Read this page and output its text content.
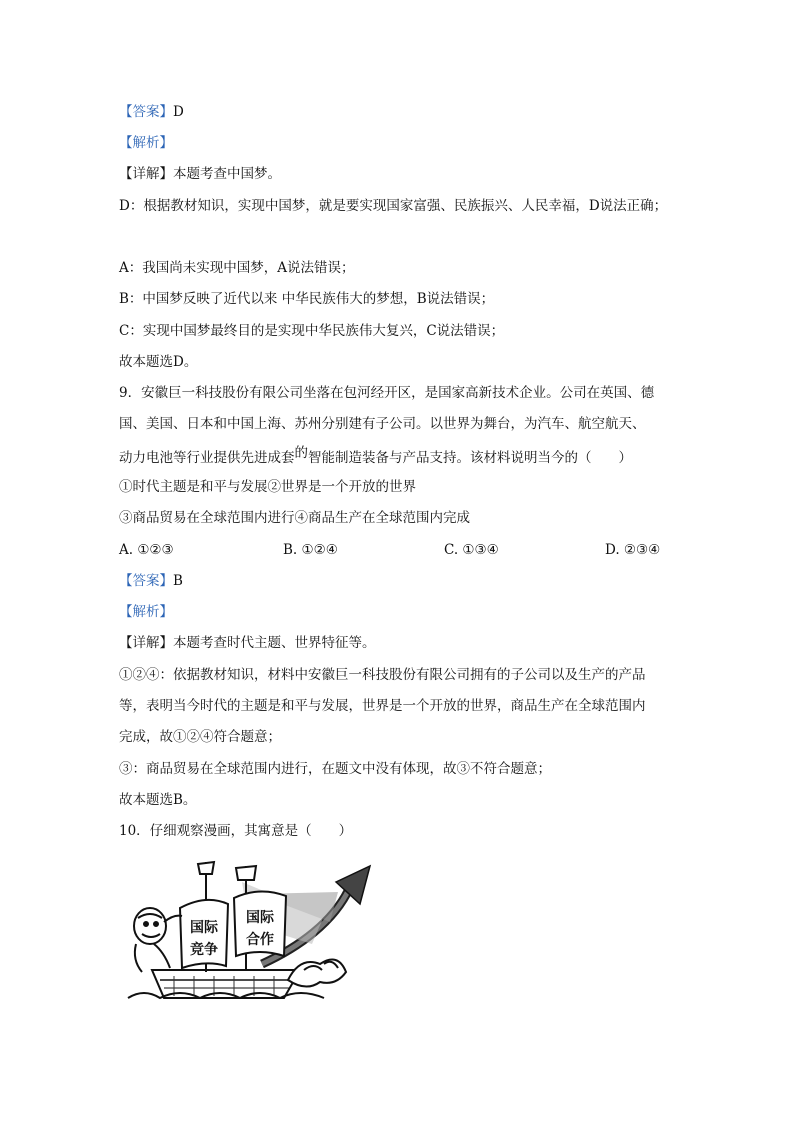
【答案】D
【解析】
【详解】本题考查中国梦。
D：根据教材知识，实现中国梦，就是要实现国家富强、民族振兴、人民幸福，D说法正确；
A：我国尚未实现中国梦，A说法错误；
B：中国梦反映了近代以来 中华民族伟大的梦想，B说法错误；
C：实现中国梦最终目的是实现中华民族伟大复兴，C说法错误；
故本题选D。
9．安徽巨一科技股份有限公司坐落在包河经开区，是国家高新技术企业。公司在英国、德
国、美国、日本和中国上海、苏州分别建有子公司。以世界为舞台，为汽车、航空航天、
动力电池等行业提供先进成套的智能制造装备与产品支持。该材料说明当今的（　　）
①时代主题是和平与发展②世界是一个开放的世界
③商品贸易在全球范围内进行④商品生产在全球范围内完成
A. ①②③	B. ①②④	C. ①③④	D. ②③④
【答案】B
【解析】
【详解】本题考查时代主题、世界特征等。
①②④：依据教材知识，材料中安徽巨一科技股份有限公司拥有的子公司以及生产的产品
等，表明当今时代的主题是和平与发展，世界是一个开放的世界，商品生产在全球范围内
完成，故①②④符合题意；
③：商品贸易在全球范围内进行，在题文中没有体现，故③不符合题意；
故本题选B。
10．仔细观察漫画，其寓意是（　　）
国际
竞争
国际
合作
